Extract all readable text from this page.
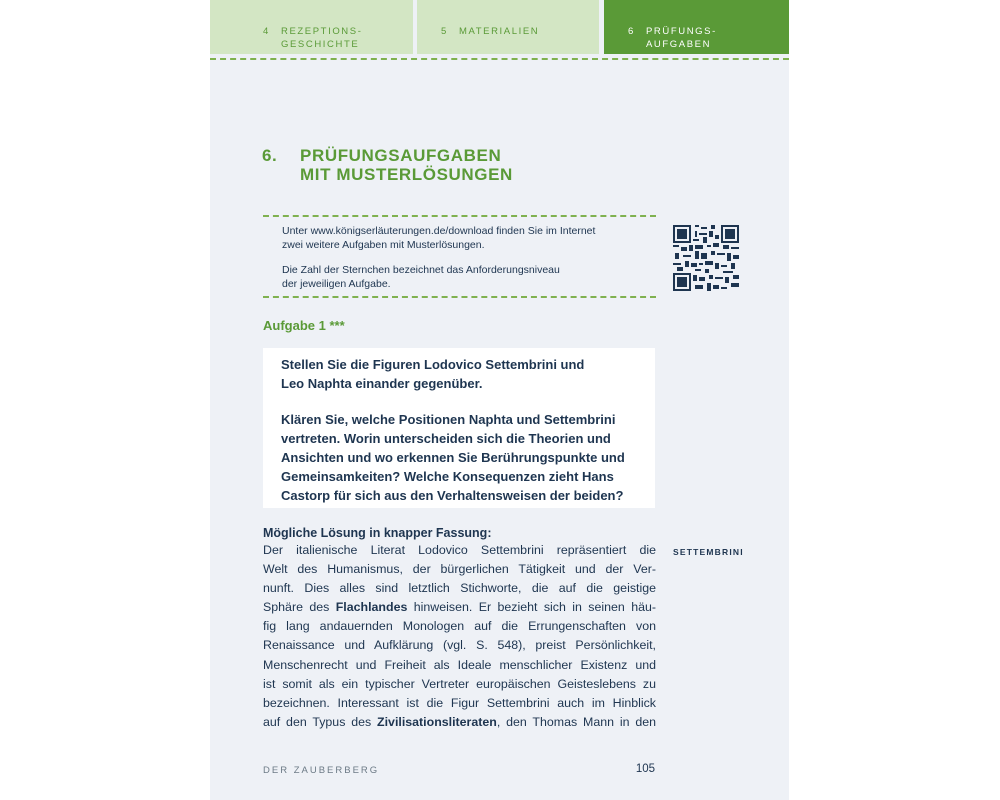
4 REZEPTIONS-
GESCHICHTE
5 MATERIALIEN	6 PRÜFUNGS-
AUFGABEN
6. PRÜFUNGSAUFGABEN
MIT MUSTERLÖSUNGEN
Unter www.königserläuterungen.de/download finden Sie im Internet
zwei weitere Aufgaben mit Musterlösungen.
Die Zahl der Sternchen bezeichnet das Anforderungsniveau
der jeweiligen Aufgabe.
Aufgabe 1 ***
Stellen Sie die Figuren Lodovico Settembrini und
Leo Naphta einander gegenüber.
Klären Sie, welche Positionen Naphta und Settembrini
vertreten. Worin unterscheiden sich die Theorien und
Ansichten und wo erkennen Sie Berührungspunkte und
Gemeinsamkeiten? Welche Konsequenzen zieht Hans
Castorp für sich aus den Verhaltensweisen der beiden?
Mögliche Lösung in knapper Fassung:
SETTEMBRINI
Der italienische Literat Lodovico Settembrini repräsentiert die
Welt des Humanismus, der bürgerlichen Tätigkeit und der Ver-
nunft. Dies alles sind letztlich Stichworte, die auf die geistige
Sphäre des Flachlandes hinweisen. Er bezieht sich in seinen häu-
fig lang andauernden Monologen auf die Errungenschaften von
Renaissance und Aufklärung (vgl. S. 548), preist Persönlichkeit,
Menschenrecht und Freiheit als Ideale menschlicher Existenz und
ist somit als ein typischer Vertreter europäischen Geisteslebens zu
bezeichnen. Interessant ist die Figur Settembrini auch im Hinblick
auf den Typus des Zivilisationsliteraten, den Thomas Mann in den
DER ZAUBERBERG	105
